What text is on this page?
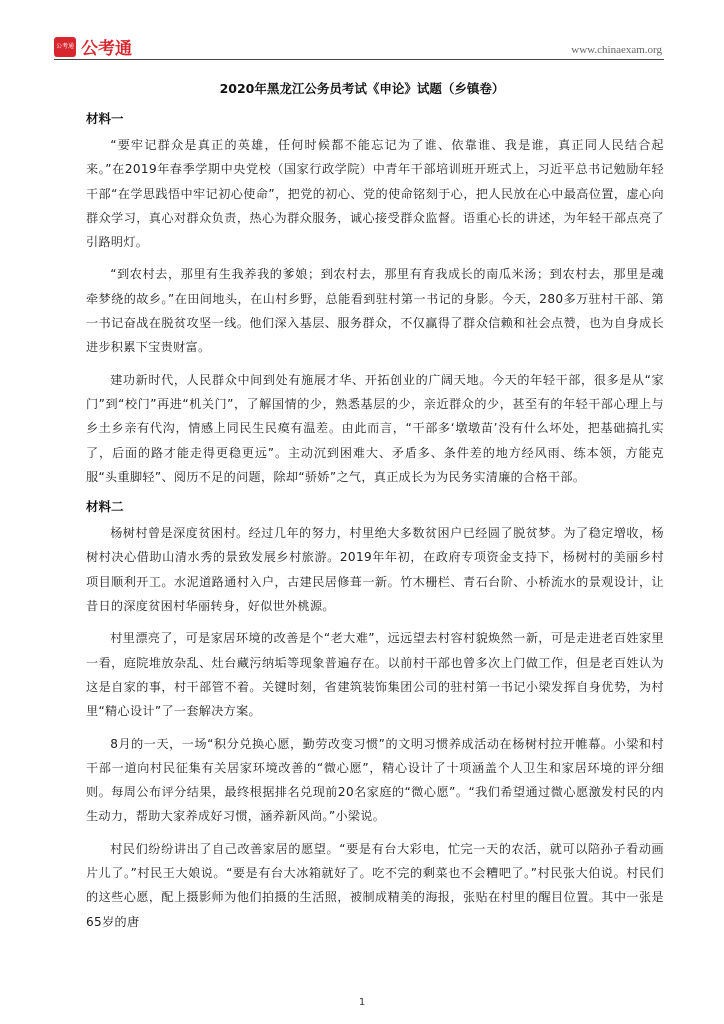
公考通 公考通	www.chinaexam.org
2020年黑龙江公务员考试《申论》试题（乡镇卷）
材料一

“要牢记群众是真正的英雄，任何时候都不能忘记为了谁、依靠谁、我是谁，真正同人民结合起来。”在2019年春季学期中央党校（国家行政学院）中青年干部培训班开班式上，习近平总书记勉励年轻干部“在学思践悟中牢记初心使命”，把党的初心、党的使命铭刻于心，把人民放在心中最高位置，虚心向群众学习，真心对群众负责，热心为群众服务，诚心接受群众监督。语重心长的讲述，为年轻干部点亮了引路明灯。

“到农村去，那里有生我养我的爹娘；到农村去，那里有育我成长的南瓜米汤；到农村去，那里是魂牵梦绕的故乡。”在田间地头，在山村乡野，总能看到驻村第一书记的身影。今天，280多万驻村干部、第一书记奋战在脱贫攻坚一线。他们深入基层、服务群众，不仅赢得了群众信赖和社会点赞，也为自身成长进步积累下宝贵财富。

建功新时代，人民群众中间到处有施展才华、开拓创业的广阔天地。今天的年轻干部，很多是从“家门”到“校门”再进“机关门”，了解国情的少，熟悉基层的少，亲近群众的少，甚至有的年轻干部心理上与乡土乡亲有代沟，情感上同民生民瘼有温差。由此而言，“干部多‘墩墩苗’没有什么坏处，把基础搞扎实了，后面的路才能走得更稳更远”。主动沉到困难大、矛盾多、条件差的地方经风雨、练本领，方能克服“头重脚轻”、阅历不足的问题，除却“骄娇”之气，真正成长为为民务实清廉的合格干部。

材料二

杨树村曾是深度贫困村。经过几年的努力，村里绝大多数贫困户已经圆了脱贫梦。为了稳定增收，杨树村决心借助山清水秀的景致发展乡村旅游。2019年年初，在政府专项资金支持下，杨树村的美丽乡村项目顺利开工。水泥道路通村入户，古建民居修葺一新。竹木栅栏、青石台阶、小桥流水的景观设计，让昔日的深度贫困村华丽转身，好似世外桃源。

村里漂亮了，可是家居环境的改善是个“老大难”，远远望去村容村貌焕然一新，可是走进老百姓家里一看，庭院堆放杂乱、灶台藏污纳垢等现象普遍存在。以前村干部也曾多次上门做工作，但是老百姓认为这是自家的事，村干部管不着。关键时刻，省建筑装饰集团公司的驻村第一书记小梁发挥自身优势，为村里“精心设计”了一套解决方案。

8月的一天，一场“积分兑换心愿，勤劳改变习惯”的文明习惯养成活动在杨树村拉开帷幕。小梁和村干部一道向村民征集有关居家环境改善的“微心愿”，精心设计了十项涵盖个人卫生和家居环境的评分细则。每周公布评分结果，最终根据排名兑现前20名家庭的“微心愿”。“我们希望通过微心愿激发村民的内生动力，帮助大家养成好习惯，涵养新风尚。”小梁说。

村民们纷纷讲出了自己改善家居的愿望。“要是有台大彩电，忙完一天的农活，就可以陪孙子看动画片儿了。”村民王大娘说。“要是有台大冰箱就好了。吃不完的剩菜也不会糟吧了。”村民张大伯说。村民们的这些心愿，配上摄影师为他们拍摄的生活照，被制成精美的海报，张贴在村里的醒目位置。其中一张是65岁的唐

1
